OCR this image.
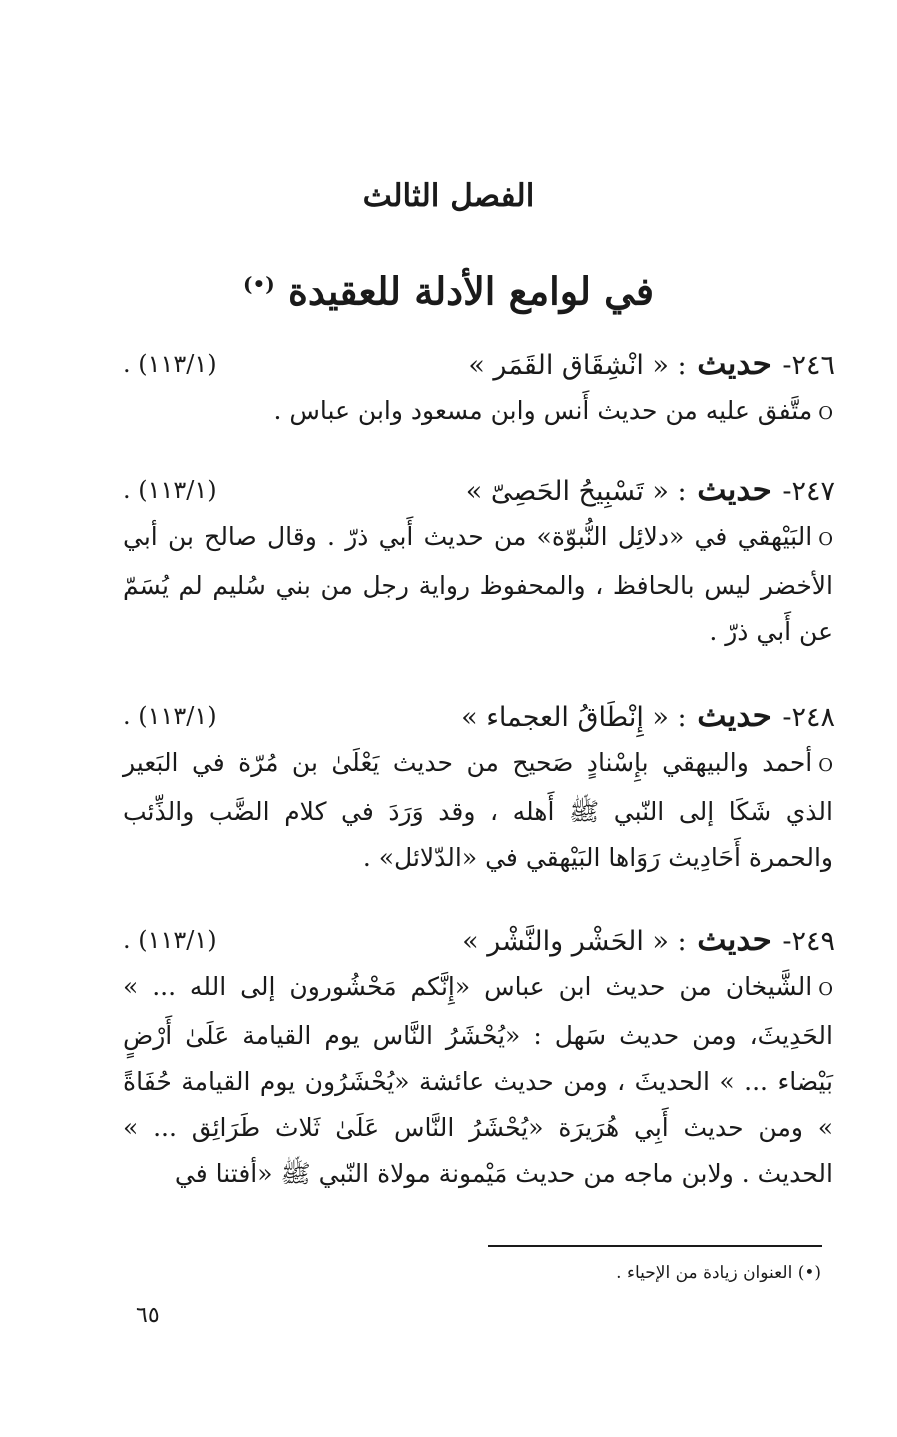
الفصل الثالث
في لوامع الأدلة للعقيدة (•)
٢٤٦- حديث : « انْشِقَاق القَمَر »
(١١٣/١) .
Oمتَّفق عليه من حديث أَنس وابن مسعود وابن عباس .
٢٤٧- حديث : « تَسْبِيحُ الحَصِىّ »
(١١٣/١) .
Oالبَيْهقي في «دلائِل النُّبوّة» من حديث أَبي ذرّ . وقال صالح بن أبي الأخضر ليس بالحافظ ، والمحفوظ رواية رجل من بني سُليم لم يُسَمّ عن أَبي ذرّ .
٢٤٨- حديث : « إِنْطَاقُ العجماء »
(١١٣/١) .
Oأحمد والبيهقي بإِسْنادٍ صَحيح من حديث يَعْلَىٰ بن مُرّة في البَعير الذي شَكَا إلى النّبي ﷺ أَهله ، وقد وَرَدَ في كلام الضَّب والذِّئب والحمرة أَحَادِيث رَوَاها البَيْهقي في «الدّلائل» .
٢٤٩- حديث : « الحَشْر والنَّشْر »
(١١٣/١) .
Oالشَّيخان من حديث ابن عباس «إِنَّكم مَحْشُورون إلى الله ... » الحَدِيثَ، ومن حديث سَهل : «يُحْشَرُ النَّاس يوم القيامة عَلَىٰ أَرْضٍ بَيْضاء ... » الحديثَ ، ومن حديث عائشة «يُحْشَرُون يوم القيامة حُفَاةً » ومن حديث أَبِي هُرَيرَة «يُحْشَرُ النَّاس عَلَىٰ ثَلاث طَرَائِق ... » الحديث . ولابن ماجه من حديث مَيْمونة مولاة النّبي ﷺ «أفتنا في
(•) العنوان زيادة من الإحياء .
٦٥
